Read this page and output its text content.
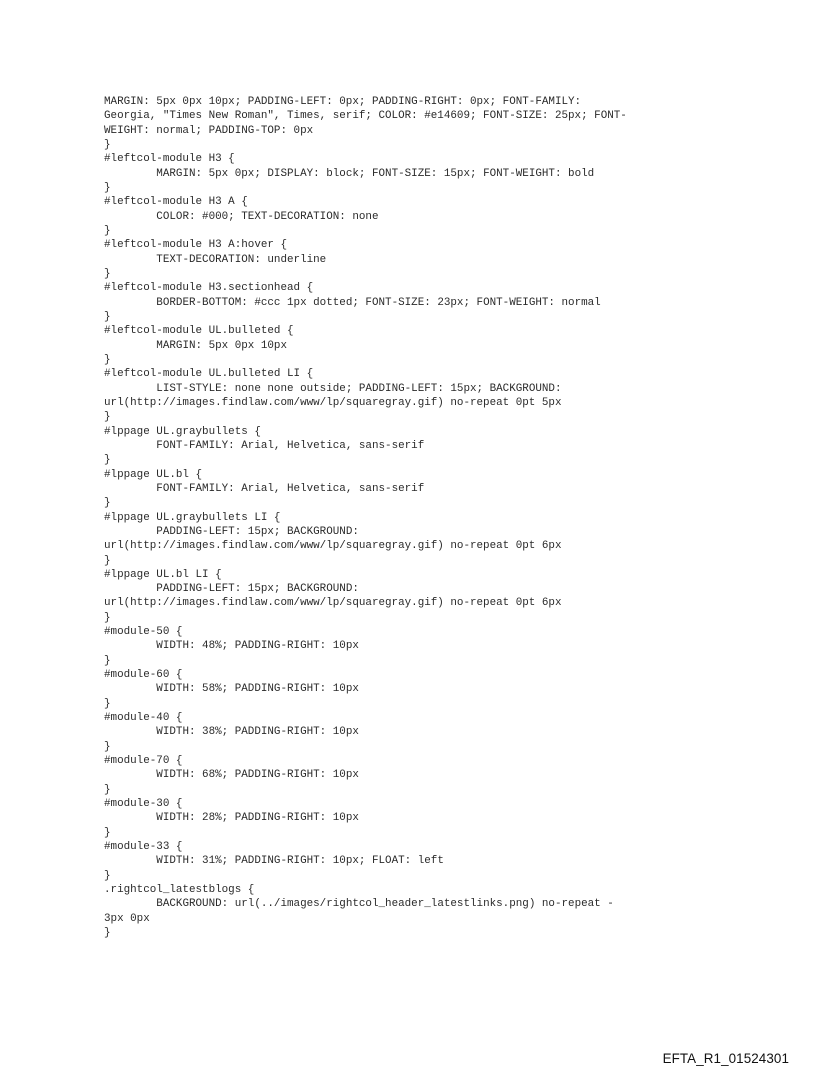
MARGIN: 5px 0px 10px; PADDING-LEFT: 0px; PADDING-RIGHT: 0px; FONT-FAMILY:
Georgia, "Times New Roman", Times, serif; COLOR: #e14609; FONT-SIZE: 25px; FONT-
WEIGHT: normal; PADDING-TOP: 0px
}
#leftcol-module H3 {
	MARGIN: 5px 0px; DISPLAY: block; FONT-SIZE: 15px; FONT-WEIGHT: bold
}
#leftcol-module H3 A {
	COLOR: #000; TEXT-DECORATION: none
}
#leftcol-module H3 A:hover {
	TEXT-DECORATION: underline
}
#leftcol-module H3.sectionhead {
	BORDER-BOTTOM: #ccc 1px dotted; FONT-SIZE: 23px; FONT-WEIGHT: normal
}
#leftcol-module UL.bulleted {
	MARGIN: 5px 0px 10px
}
#leftcol-module UL.bulleted LI {
	LIST-STYLE: none none outside; PADDING-LEFT: 15px; BACKGROUND:
url(http://images.findlaw.com/www/lp/squaregray.gif) no-repeat 0pt 5px
}
#lppage UL.graybullets {
	FONT-FAMILY: Arial, Helvetica, sans-serif
}
#lppage UL.bl {
	FONT-FAMILY: Arial, Helvetica, sans-serif
}
#lppage UL.graybullets LI {
	PADDING-LEFT: 15px; BACKGROUND:
url(http://images.findlaw.com/www/lp/squaregray.gif) no-repeat 0pt 6px
}
#lppage UL.bl LI {
	PADDING-LEFT: 15px; BACKGROUND:
url(http://images.findlaw.com/www/lp/squaregray.gif) no-repeat 0pt 6px
}
#module-50 {
	WIDTH: 48%; PADDING-RIGHT: 10px
}
#module-60 {
	WIDTH: 58%; PADDING-RIGHT: 10px
}
#module-40 {
	WIDTH: 38%; PADDING-RIGHT: 10px
}
#module-70 {
	WIDTH: 68%; PADDING-RIGHT: 10px
}
#module-30 {
	WIDTH: 28%; PADDING-RIGHT: 10px
}
#module-33 {
	WIDTH: 31%; PADDING-RIGHT: 10px; FLOAT: left
}
.rightcol_latestblogs {
	BACKGROUND: url(../images/rightcol_header_latestlinks.png) no-repeat -
3px 0px
}
EFTA_R1_01524301
